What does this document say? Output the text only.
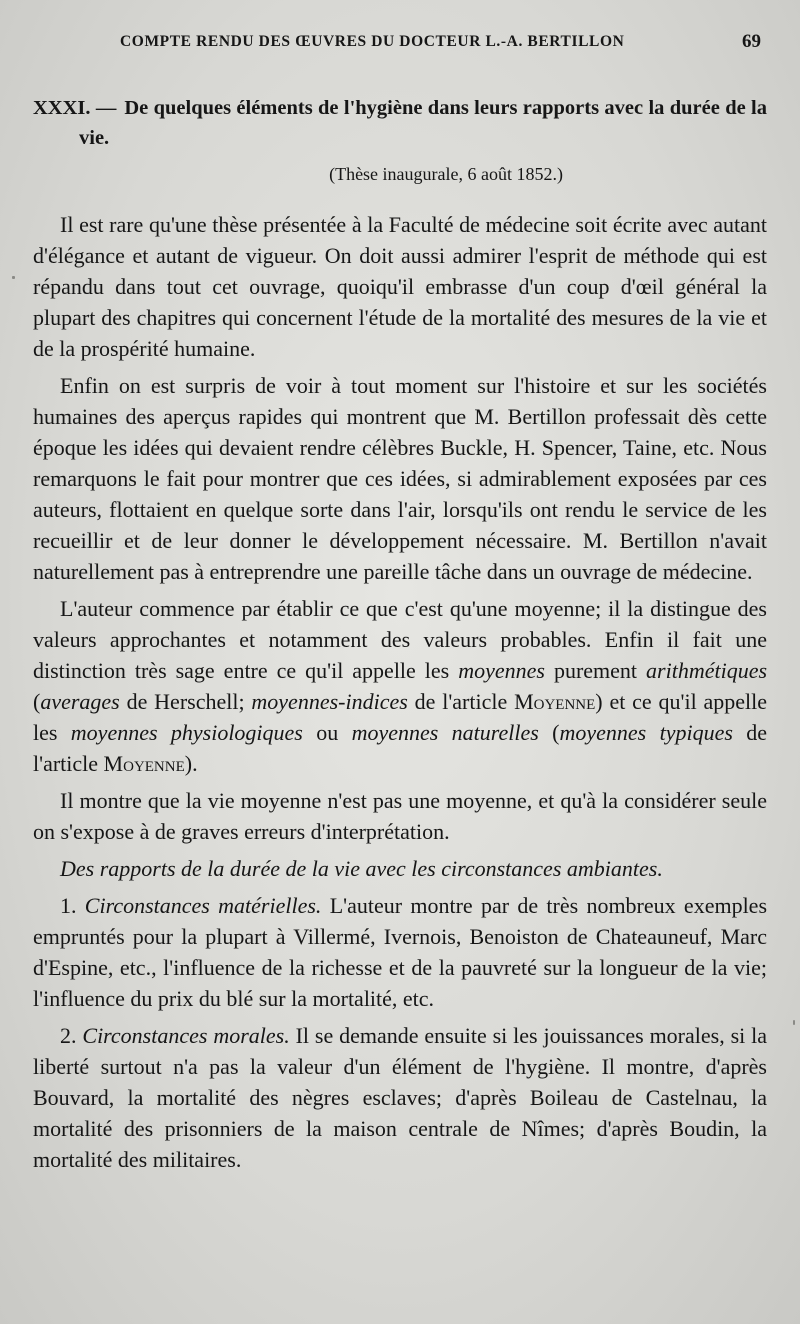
COMPTE RENDU DES ŒUVRES DU DOCTEUR L.-A. BERTILLON	69

XXXI. — De quelques éléments de l'hygiène dans leurs rapports avec la durée de la vie.

(Thèse inaugurale, 6 août 1852.)

Il est rare qu'une thèse présentée à la Faculté de médecine soit écrite avec autant d'élégance et autant de vigueur. On doit aussi admirer l'esprit de méthode qui est répandu dans tout cet ouvrage, quoiqu'il embrasse d'un coup d'œil général la plupart des chapitres qui concernent l'étude de la mortalité des mesures de la vie et de la prospérité humaine.

Enfin on est surpris de voir à tout moment sur l'histoire et sur les sociétés humaines des aperçus rapides qui montrent que M. Bertillon professait dès cette époque les idées qui devaient rendre célèbres Buckle, H. Spencer, Taine, etc. Nous remarquons le fait pour montrer que ces idées, si admirablement exposées par ces auteurs, flottaient en quelque sorte dans l'air, lorsqu'ils ont rendu le service de les recueillir et de leur donner le développement nécessaire. M. Bertillon n'avait naturellement pas à entreprendre une pareille tâche dans un ouvrage de médecine.

L'auteur commence par établir ce que c'est qu'une moyenne; il la distingue des valeurs approchantes et notamment des valeurs probables. Enfin il fait une distinction très sage entre ce qu'il appelle les moyennes purement arithmétiques (averages de Herschell; moyennes-indices de l'article Moyenne) et ce qu'il appelle les moyennes physiologiques ou moyennes naturelles (moyennes typiques de l'article Moyenne).

Il montre que la vie moyenne n'est pas une moyenne, et qu'à la considérer seule on s'expose à de graves erreurs d'interprétation.

Des rapports de la durée de la vie avec les circonstances ambiantes.

1. Circonstances matérielles. L'auteur montre par de très nombreux exemples empruntés pour la plupart à Villermé, Ivernois, Benoiston de Chateauneuf, Marc d'Espine, etc., l'influence de la richesse et de la pauvreté sur la longueur de la vie; l'influence du prix du blé sur la mortalité, etc.

2. Circonstances morales. Il se demande ensuite si les jouissances morales, si la liberté surtout n'a pas la valeur d'un élément de l'hygiène. Il montre, d'après Bouvard, la mortalité des nègres esclaves; d'après Boileau de Castelnau, la mortalité des prisonniers de la maison centrale de Nîmes; d'après Boudin, la mortalité des militaires.
